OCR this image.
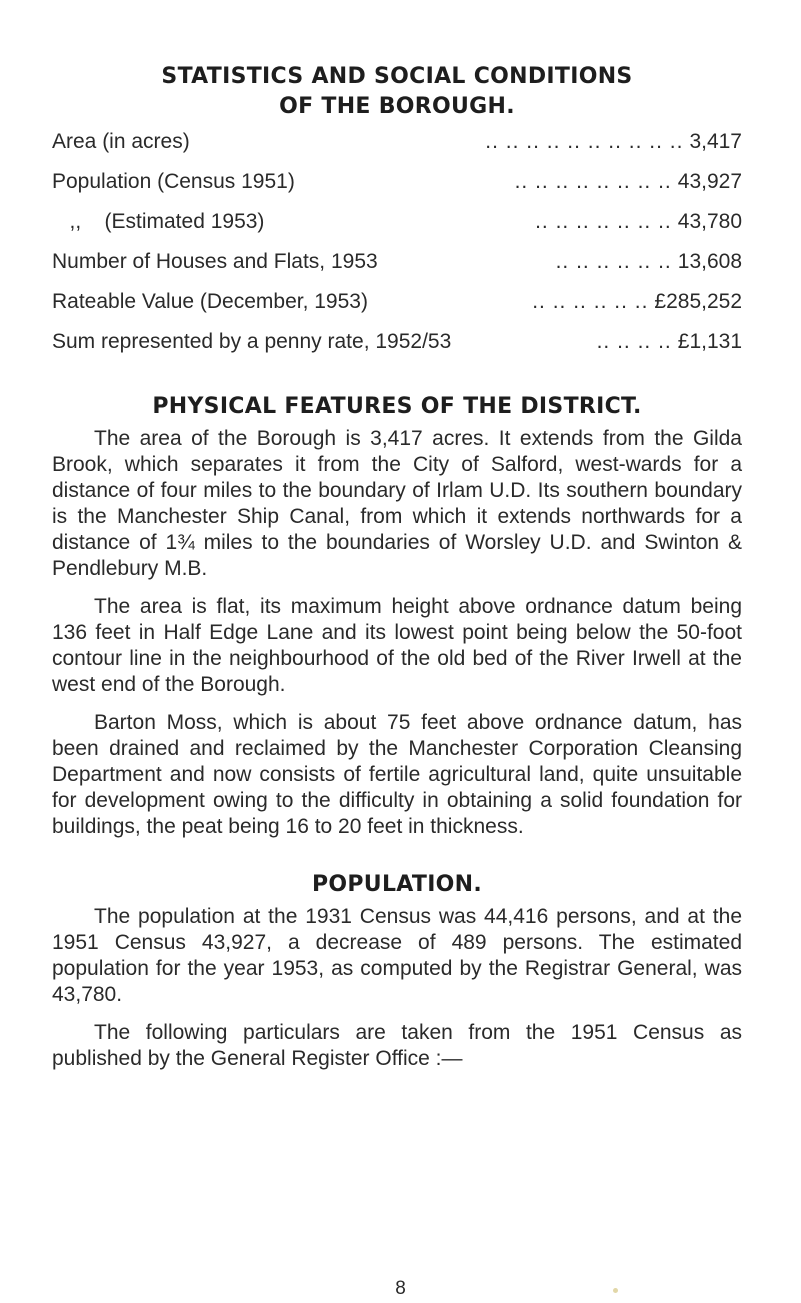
STATISTICS AND SOCIAL CONDITIONS
OF THE BOROUGH.
Area (in acres)	.. .. .. .. .. .. .. .. .. .. 3,417
Population (Census 1951)	.. .. .. .. .. .. .. .. 43,927
,,    (Estimated 1953)	.. .. .. .. .. .. .. 43,780
Number of Houses and Flats, 1953	.. .. .. .. .. .. 13,608
Rateable Value (December, 1953)	.. .. .. .. .. .. £285,252
Sum represented by a penny rate, 1952/53	.. .. .. .. £1,131
PHYSICAL FEATURES OF THE DISTRICT.

The area of the Borough is 3,417 acres. It extends from the Gilda Brook, which separates it from the City of Salford, west-wards for a distance of four miles to the boundary of Irlam U.D. Its southern boundary is the Manchester Ship Canal, from which it extends northwards for a distance of 1¾ miles to the boundaries of Worsley U.D. and Swinton & Pendlebury M.B.

The area is flat, its maximum height above ordnance datum being 136 feet in Half Edge Lane and its lowest point being below the 50-foot contour line in the neighbourhood of the old bed of the River Irwell at the west end of the Borough.

Barton Moss, which is about 75 feet above ordnance datum, has been drained and reclaimed by the Manchester Corporation Cleansing Department and now consists of fertile agricultural land, quite unsuitable for development owing to the difficulty in obtaining a solid foundation for buildings, the peat being 16 to 20 feet in thickness.

POPULATION.

The population at the 1931 Census was 44,416 persons, and at the 1951 Census 43,927, a decrease of 489 persons. The estimated population for the year 1953, as computed by the Registrar General, was 43,780.

The following particulars are taken from the 1951 Census as published by the General Register Office :—

8
